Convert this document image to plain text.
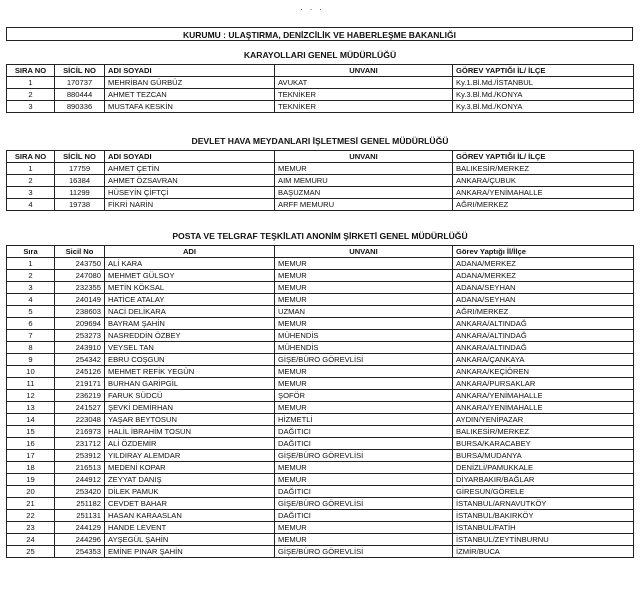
· · ·
KURUMU : ULAŞTIRMA, DENİZCİLİK VE HABERLEŞME BAKANLIĞI
KARAYOLLARI GENEL MÜDÜRLÜĞÜ
SIRA NO	SİCİL NO	ADI SOYADI	UNVANI	GÖREV YAPTIĞI İL/ İLÇE
1	170737	MEHRİBAN GÜRBÜZ	AVUKAT	Ky.1.Bl.Md./İSTANBUL
2	880444	AHMET TEZCAN	TEKNİKER	Ky.3.Bl.Md./KONYA
3	890336	MUSTAFA KESKİN	TEKNİKER	Ky.3.Bl.Md./KONYA
DEVLET HAVA MEYDANLARI İŞLETMESİ GENEL MÜDÜRLÜĞÜ
SIRA NO	SİCİL NO	ADI SOYADI	UNVANI	GÖREV YAPTIĞI İL/ İLÇE
1	17759	AHMET ÇETİN	MEMUR	BALIKESİR/MERKEZ
2	16384	AHMET ÖZSAVRAN	AIM MEMURU	ANKARA/ÇUBUK
3	11299	HÜSEYİN ÇİFTÇİ	BAŞUZMAN	ANKARA/YENİMAHALLE
4	19738	FİKRİ NARİN	ARFF MEMURU	AĞRI/MERKEZ
POSTA VE TELGRAF TEŞKİLATI ANONİM ŞİRKETİ GENEL MÜDÜRLÜĞÜ
Sıra	Sicil No	ADI	UNVANI	Görev Yaptığı İl/İlçe
1	243750	ALİ KARA	MEMUR	ADANA/MERKEZ
2	247080	MEHMET GÜLSOY	MEMUR	ADANA/MERKEZ
3	232355	METİN KÖKSAL	MEMUR	ADANA/SEYHAN
4	240149	HATİCE ATALAY	MEMUR	ADANA/SEYHAN
5	238603	NACİ DELİKARA	UZMAN	AĞRI/MERKEZ
6	209694	BAYRAM ŞAHİN	MEMUR	ANKARA/ALTINDAĞ
7	253273	NASREDDİN ÖZBEY	MÜHENDİS	ANKARA/ALTINDAĞ
8	243910	VEYSEL TAN	MÜHENDİS	ANKARA/ALTINDAĞ
9	254342	EBRU COŞGUN	GİŞE/BÜRO GÖREVLİSİ	ANKARA/ÇANKAYA
10	245126	MEHMET REFİK YEGÜN	MEMUR	ANKARA/KEÇİÖREN
11	219171	BURHAN GARİPGİL	MEMUR	ANKARA/PURSAKLAR
12	236219	FARUK SÜDCÜ	ŞOFÖR	ANKARA/YENİMAHALLE
13	241527	ŞEVKİ DEMİRHAN	MEMUR	ANKARA/YENİMAHALLE
14	223048	YAŞAR BEYTOSUN	HİZMETLİ	AYDIN/YENİPAZAR
15	216973	HALİL İBRAHİM TOSUN	DAĞITICI	BALIKESİR/MERKEZ
16	231712	ALİ ÖZDEMİR	DAĞITICI	BURSA/KARACABEY
17	253912	YILDIRAY ALEMDAR	GİŞE/BÜRO GÖREVLİSİ	BURSA/MUDANYA
18	216513	MEDENİ KOPAR	MEMUR	DENİZLİ/PAMUKKALE
19	244912	ZEYYAT DANIŞ	MEMUR	DİYARBAKIR/BAĞLAR
20	253420	DİLEK PAMUK	DAĞITICI	GİRESUN/GÖRELE
21	251182	CEVDET BAHAR	GİŞE/BÜRO GÖREVLİSİ	İSTANBUL/ARNAVUTKÖY
22	251131	HASAN KARAASLAN	DAĞITICI	İSTANBUL/BAKIRKÖY
23	244129	HANDE LEVENT	MEMUR	İSTANBUL/FATİH
24	244296	AYŞEGÜL ŞAHİN	MEMUR	İSTANBUL/ZEYTİNBURNU
25	254353	EMİNE PINAR ŞAHİN	GİŞE/BÜRO GÖREVLİSİ	İZMİR/BUCA
